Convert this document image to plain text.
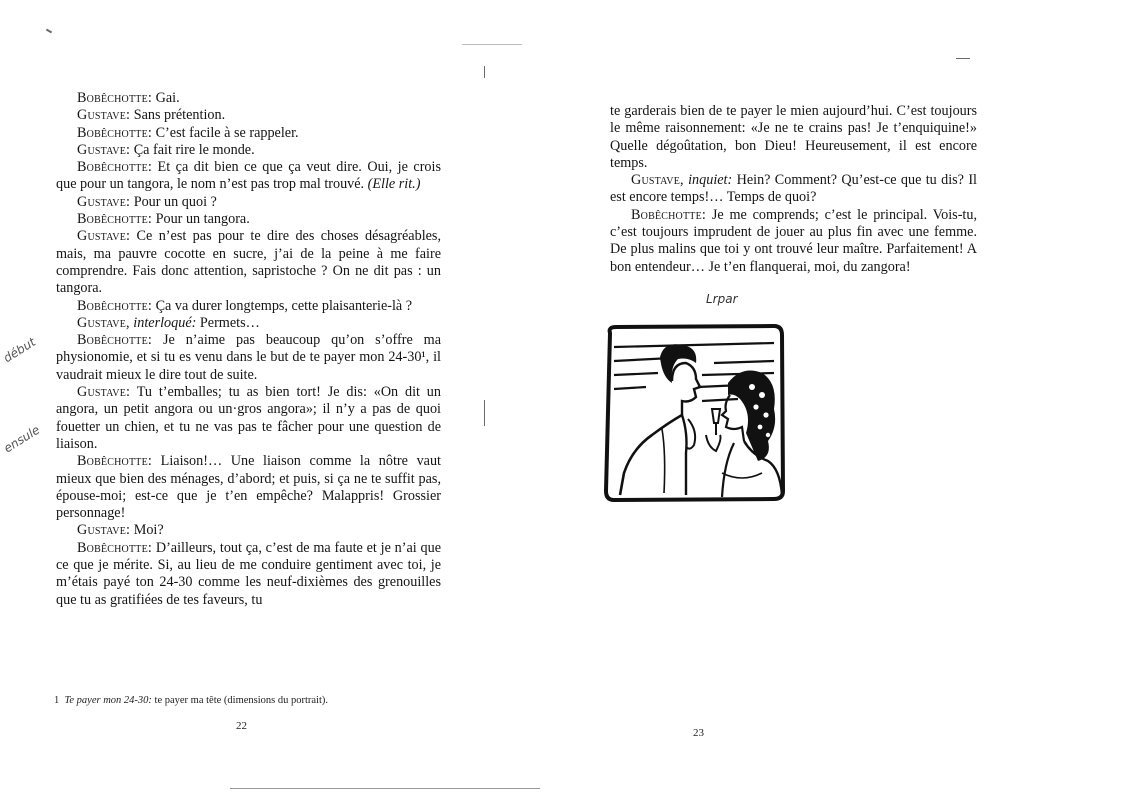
début
ensule

Bobêchotte: Gai.

Gustave: Sans prétention.

Bobêchotte: C’est facile à se rappeler.

Gustave: Ça fait rire le monde.

Bobêchotte: Et ça dit bien ce que ça veut dire. Oui, je crois que pour un tangora, le nom n’est pas trop mal trouvé. (Elle rit.)

Gustave: Pour un quoi ?

Bobêchotte: Pour un tangora.

Gustave: Ce n’est pas pour te dire des choses désagréables, mais, ma pauvre cocotte en sucre, j’ai de la peine à me faire comprendre. Fais donc attention, sapristoche ? On ne dit pas : un tangora.

Bobêchotte: Ça va durer longtemps, cette plaisanterie-là ?

Gustave, interloqué: Permets…

Bobêchotte: Je n’aime pas beaucoup qu’on s’offre ma physionomie, et si tu es venu dans le but de te payer mon 24-30¹, il vaudrait mieux le dire tout de suite.

Gustave: Tu t’emballes; tu as bien tort! Je dis: «On dit un angora, un petit angora ou un·gros angora»; il n’y a pas de quoi fouetter un chien, et tu ne vas pas te fâcher pour une question de liaison.

Bobêchotte: Liaison!… Une liaison comme la nôtre vaut mieux que bien des ménages, d’abord; et puis, si ça ne te suffit pas, épouse-moi; est-ce que je t’en empêche? Malappris! Grossier personnage!

Gustave: Moi?

Bobêchotte: D’ailleurs, tout ça, c’est de ma faute et je n’ai que ce que je mérite. Si, au lieu de me conduire gentiment avec toi, je m’étais payé ton 24-30 comme les neuf-dixièmes des grenouilles que tu as gratifiées de tes faveurs, tu

1 Te payer mon 24-30: te payer ma tête (dimensions du portrait).
22

te garderais bien de te payer le mien aujourd’hui. C’est toujours le même raisonnement: «Je ne te crains pas! Je t’enquiquine!» Quelle dégoûtation, bon Dieu! Heureusement, il est encore temps.

Gustave, inquiet: Hein? Comment? Qu’est-ce que tu dis? Il est encore temps!… Temps de quoi?

Bobêchotte: Je me comprends; c’est le principal. Vois-tu, c’est toujours imprudent de jouer au plus fin avec une femme. De plus malins que toi y ont trouvé leur maître. Parfaitement! A bon entendeur… Je t’en flanquerai, moi, du zangora!

Lrpar
23
